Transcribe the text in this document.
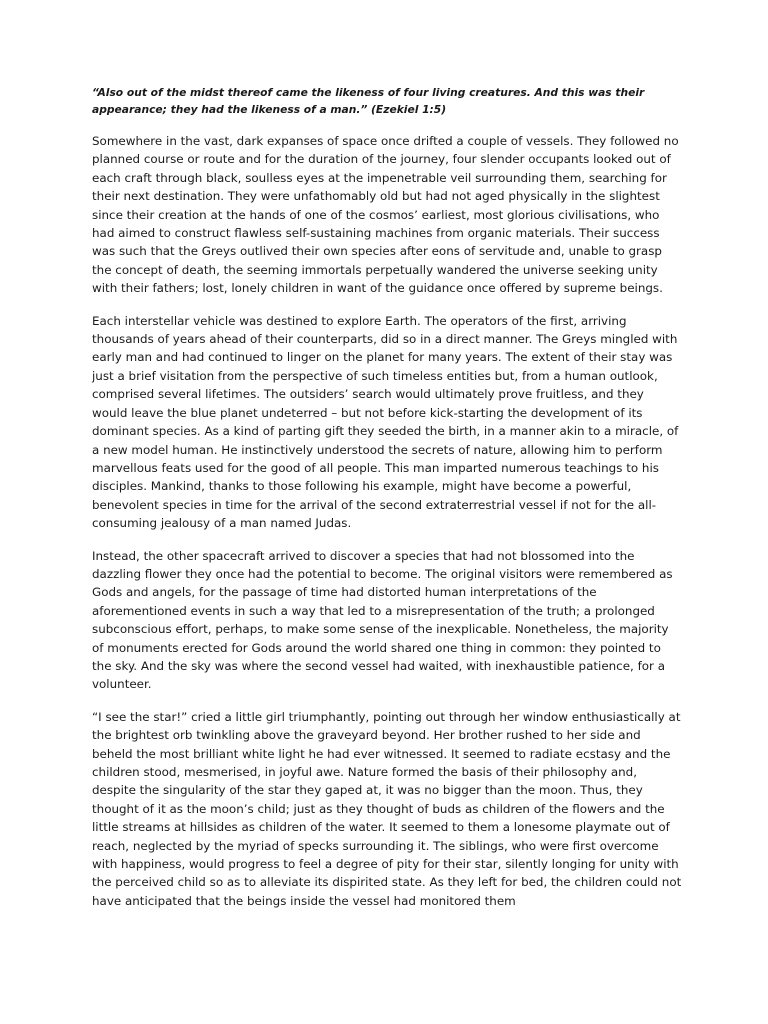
“Also out of the midst thereof came the likeness of four living creatures. And this was their appearance; they had the likeness of a man.” (Ezekiel 1:5)

Somewhere in the vast, dark expanses of space once drifted a couple of vessels. They followed no planned course or route and for the duration of the journey, four slender occupants looked out of each craft through black, soulless eyes at the impenetrable veil surrounding them, searching for their next destination. They were unfathomably old but had not aged physically in the slightest since their creation at the hands of one of the cosmos’ earliest, most glorious civilisations, who had aimed to construct flawless self-sustaining machines from organic materials. Their success was such that the Greys outlived their own species after eons of servitude and, unable to grasp the concept of death, the seeming immortals perpetually wandered the universe seeking unity with their fathers; lost, lonely children in want of the guidance once offered by supreme beings.

Each interstellar vehicle was destined to explore Earth. The operators of the first, arriving thousands of years ahead of their counterparts, did so in a direct manner. The Greys mingled with early man and had continued to linger on the planet for many years. The extent of their stay was just a brief visitation from the perspective of such timeless entities but, from a human outlook, comprised several lifetimes. The outsiders’ search would ultimately prove fruitless, and they would leave the blue planet undeterred – but not before kick-starting the development of its dominant species. As a kind of parting gift they seeded the birth, in a manner akin to a miracle, of a new model human. He instinctively understood the secrets of nature, allowing him to perform marvellous feats used for the good of all people. This man imparted numerous teachings to his disciples. Mankind, thanks to those following his example, might have become a powerful, benevolent species in time for the arrival of the second extraterrestrial vessel if not for the all-consuming jealousy of a man named Judas.

Instead, the other spacecraft arrived to discover a species that had not blossomed into the dazzling flower they once had the potential to become. The original visitors were remembered as Gods and angels, for the passage of time had distorted human interpretations of the aforementioned events in such a way that led to a misrepresentation of the truth; a prolonged subconscious effort, perhaps, to make some sense of the inexplicable. Nonetheless, the majority of monuments erected for Gods around the world shared one thing in common: they pointed to the sky. And the sky was where the second vessel had waited, with inexhaustible patience, for a volunteer.

“I see the star!” cried a little girl triumphantly, pointing out through her window enthusiastically at the brightest orb twinkling above the graveyard beyond. Her brother rushed to her side and beheld the most brilliant white light he had ever witnessed. It seemed to radiate ecstasy and the children stood, mesmerised, in joyful awe. Nature formed the basis of their philosophy and, despite the singularity of the star they gaped at, it was no bigger than the moon. Thus, they thought of it as the moon’s child; just as they thought of buds as children of the flowers and the little streams at hillsides as children of the water. It seemed to them a lonesome playmate out of reach, neglected by the myriad of specks surrounding it. The siblings, who were first overcome with happiness, would progress to feel a degree of pity for their star, silently longing for unity with the perceived child so as to alleviate its dispirited state. As they left for bed, the children could not have anticipated that the beings inside the vessel had monitored them
